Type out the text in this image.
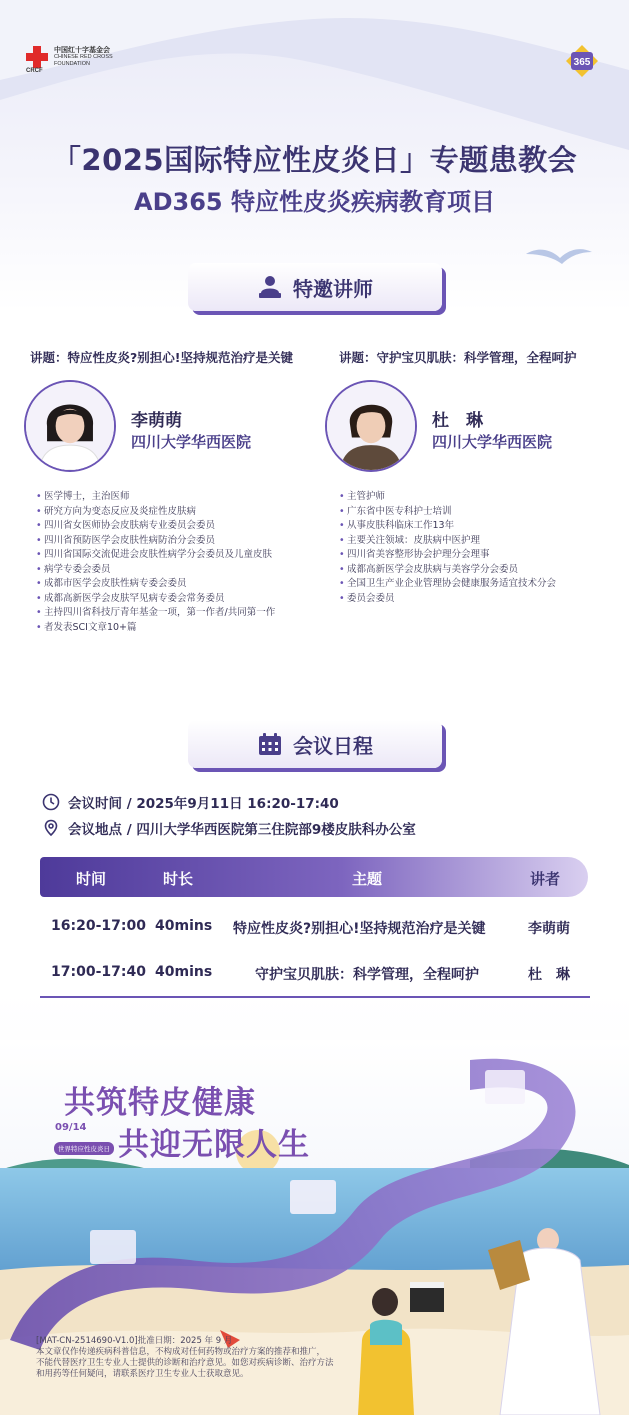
中国红十字基金会
CHINESE RED CROSS
FOUNDATION
CRCF
365
「2025国际特应性皮炎日」专题患教会
AD365 特应性皮炎疾病教育项目
特邀讲师
讲题：特应性皮炎?别担心!坚持规范治疗是关键
李萌萌
四川大学华西医院
• 医学博士，主治医师
• 研究方向为变态反应及炎症性皮肤病
• 四川省女医师协会皮肤病专业委员会委员
• 四川省预防医学会皮肤性病防治分会委员
• 四川省国际交流促进会皮肤性病学分会委员及儿童皮肤
• 病学专委会委员
• 成都市医学会皮肤性病专委会委员
• 成都高新医学会皮肤罕见病专委会常务委员
• 主持四川省科技厅青年基金一项，第一作者/共同第一作
• 者发表SCI文章10+篇
讲题：守护宝贝肌肤：科学管理，全程呵护
杜　琳
四川大学华西医院
• 主管护师
• 广东省中医专科护士培训
• 从事皮肤科临床工作13年
• 主要关注领域：皮肤病中医护理
• 四川省美容整形协会护理分会理事
• 成都高新医学会皮肤病与美容学分会委员
• 全国卫生产业企业管理协会健康服务适宜技术分会
• 委员会委员
会议日程
会议时间 / 2025年9月11日 16:20-17:40
会议地点 / 四川大学华西医院第三住院部9楼皮肤科办公室
时间	时长	主题	讲者
16:20-17:00 40mins 特应性皮炎?别担心!坚持规范治疗是关键	李萌萌
17:00-17:40 40mins	守护宝贝肌肤：科学管理，全程呵护	杜　琳
共筑特皮健康
共迎无限人生
09/14
世界特应性皮炎日
[MAT-CN-2514690-V1.0]批准日期：2025 年 9 月
本文章仅作传递疾病科普信息，不构成对任何药物或治疗方案的推荐和推广，
不能代替医疗卫生专业人士提供的诊断和治疗意见。如您对疾病诊断、治疗方法
和用药等任何疑问，请联系医疗卫生专业人士获取意见。
